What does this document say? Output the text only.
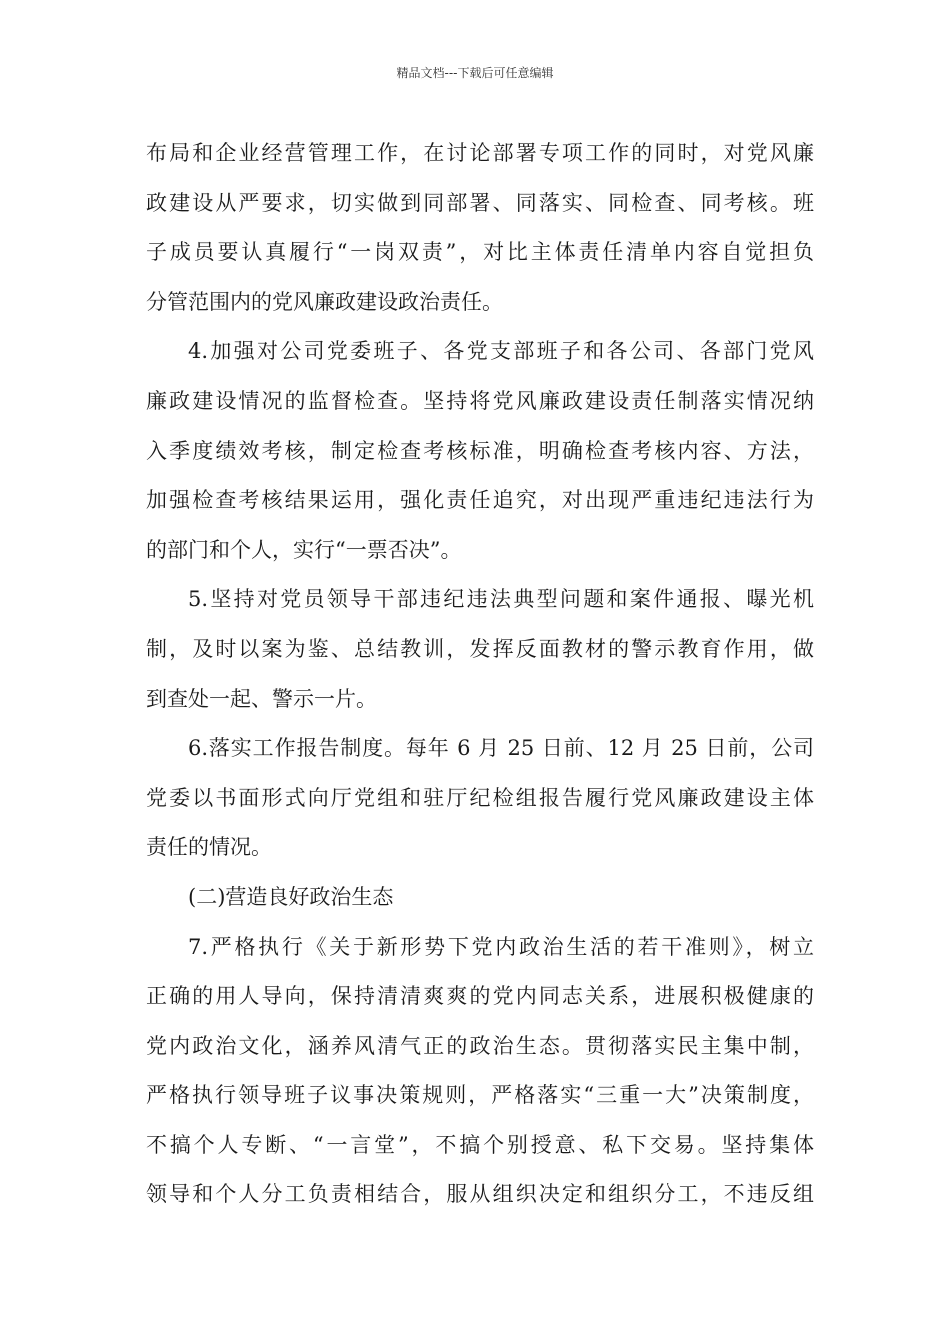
精品文档---下载后可任意编辑
布局和企业经营管理工作，在讨论部署专项工作的同时，对党风廉
政建设从严要求，切实做到同部署、同落实、同检查、同考核。班
子成员要认真履行“一岗双责”，对比主体责任清单内容自觉担负
分管范围内的党风廉政建设政治责任。
4.加强对公司党委班子、各党支部班子和各公司、各部门党风
廉政建设情况的监督检查。坚持将党风廉政建设责任制落实情况纳
入季度绩效考核，制定检查考核标准，明确检查考核内容、方法，
加强检查考核结果运用，强化责任追究，对出现严重违纪违法行为
的部门和个人，实行“一票否决”。
5.坚持对党员领导干部违纪违法典型问题和案件通报、曝光机
制，及时以案为鉴、总结教训，发挥反面教材的警示教育作用，做
到查处一起、警示一片。
6.落实工作报告制度。每年 6 月 25 日前、12 月 25 日前，公司
党委以书面形式向厅党组和驻厅纪检组报告履行党风廉政建设主体
责任的情况。
(二)营造良好政治生态
7.严格执行《关于新形势下党内政治生活的若干准则》，树立
正确的用人导向，保持清清爽爽的党内同志关系，进展积极健康的
党内政治文化，涵养风清气正的政治生态。贯彻落实民主集中制，
严格执行领导班子议事决策规则，严格落实“三重一大”决策制度，
不搞个人专断、“一言堂”，不搞个别授意、私下交易。坚持集体
领导和个人分工负责相结合，服从组织决定和组织分工，不违反组
